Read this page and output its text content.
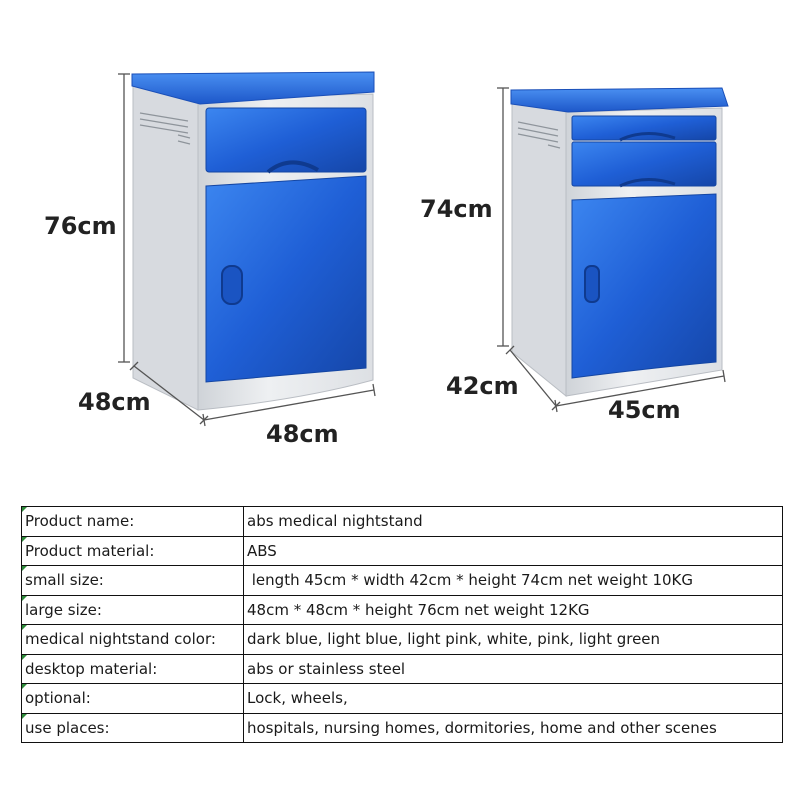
76cm
48cm
48cm
74cm
42cm
45cm
Product name:	abs medical nightstand
Product material:	ABS
small size:	length 45cm * width 42cm * height 74cm net weight 10KG
large size:	48cm * 48cm * height 76cm net weight 12KG
medical nightstand color:	dark blue, light blue, light pink, white, pink, light green
desktop material:	abs or stainless steel
optional:	Lock, wheels,
use places:	hospitals, nursing homes, dormitories, home and other scenes
